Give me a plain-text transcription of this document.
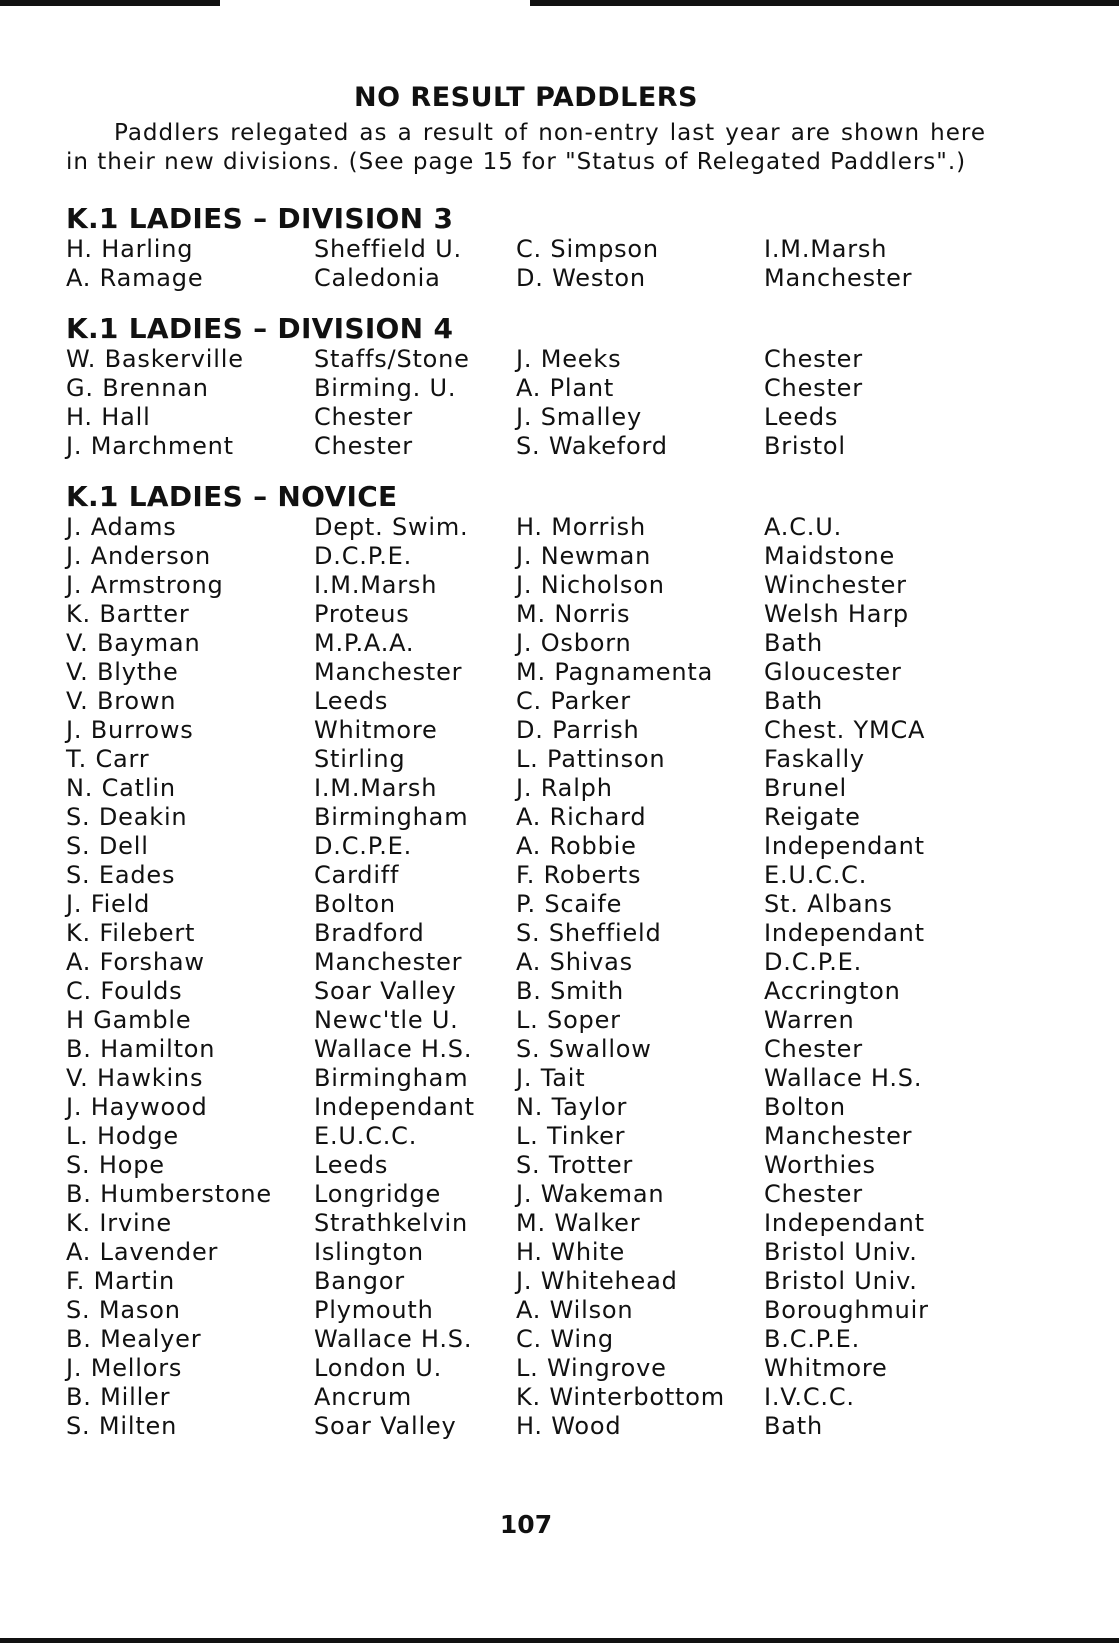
NO RESULT PADDLERS
Paddlers relegated as a result of non-entry last year are shown here in their new divisions. (See page 15 for "Status of Relegated Paddlers".)
K.1 LADIES – DIVISION 3
H. Harling	Sheffield U.	C. Simpson	I.M.Marsh
A. Ramage	Caledonia	D. Weston	Manchester
K.1 LADIES – DIVISION 4
W. Baskerville	Staffs/Stone	J. Meeks	Chester
G. Brennan	Birming. U.	A. Plant	Chester
H. Hall	Chester	J. Smalley	Leeds
J. Marchment	Chester	S. Wakeford	Bristol
K.1 LADIES – NOVICE
J. Adams	Dept. Swim.	H. Morrish	A.C.U.
J. Anderson	D.C.P.E.	J. Newman	Maidstone
J. Armstrong	I.M.Marsh	J. Nicholson	Winchester
K. Bartter	Proteus	M. Norris	Welsh Harp
V. Bayman	M.P.A.A.	J. Osborn	Bath
V. Blythe	Manchester	M. Pagnamenta	Gloucester
V. Brown	Leeds	C. Parker	Bath
J. Burrows	Whitmore	D. Parrish	Chest. YMCA
T. Carr	Stirling	L. Pattinson	Faskally
N. Catlin	I.M.Marsh	J. Ralph	Brunel
S. Deakin	Birmingham	A. Richard	Reigate
S. Dell	D.C.P.E.	A. Robbie	Independant
S. Eades	Cardiff	F. Roberts	E.U.C.C.
J. Field	Bolton	P. Scaife	St. Albans
K. Filebert	Bradford	S. Sheffield	Independant
A. Forshaw	Manchester	A. Shivas	D.C.P.E.
C. Foulds	Soar Valley	B. Smith	Accrington
H Gamble	Newc'tle U.	L. Soper	Warren
B. Hamilton	Wallace H.S.	S. Swallow	Chester
V. Hawkins	Birmingham	J. Tait	Wallace H.S.
J. Haywood	Independant	N. Taylor	Bolton
L. Hodge	E.U.C.C.	L. Tinker	Manchester
S. Hope	Leeds	S. Trotter	Worthies
B. Humberstone	Longridge	J. Wakeman	Chester
K. Irvine	Strathkelvin	M. Walker	Independant
A. Lavender	Islington	H. White	Bristol Univ.
F. Martin	Bangor	J. Whitehead	Bristol Univ.
S. Mason	Plymouth	A. Wilson	Boroughmuir
B. Mealyer	Wallace H.S.	C. Wing	B.C.P.E.
J. Mellors	London U.	L. Wingrove	Whitmore
B. Miller	Ancrum	K. Winterbottom	I.V.C.C.
S. Milten	Soar Valley	H. Wood	Bath
107
